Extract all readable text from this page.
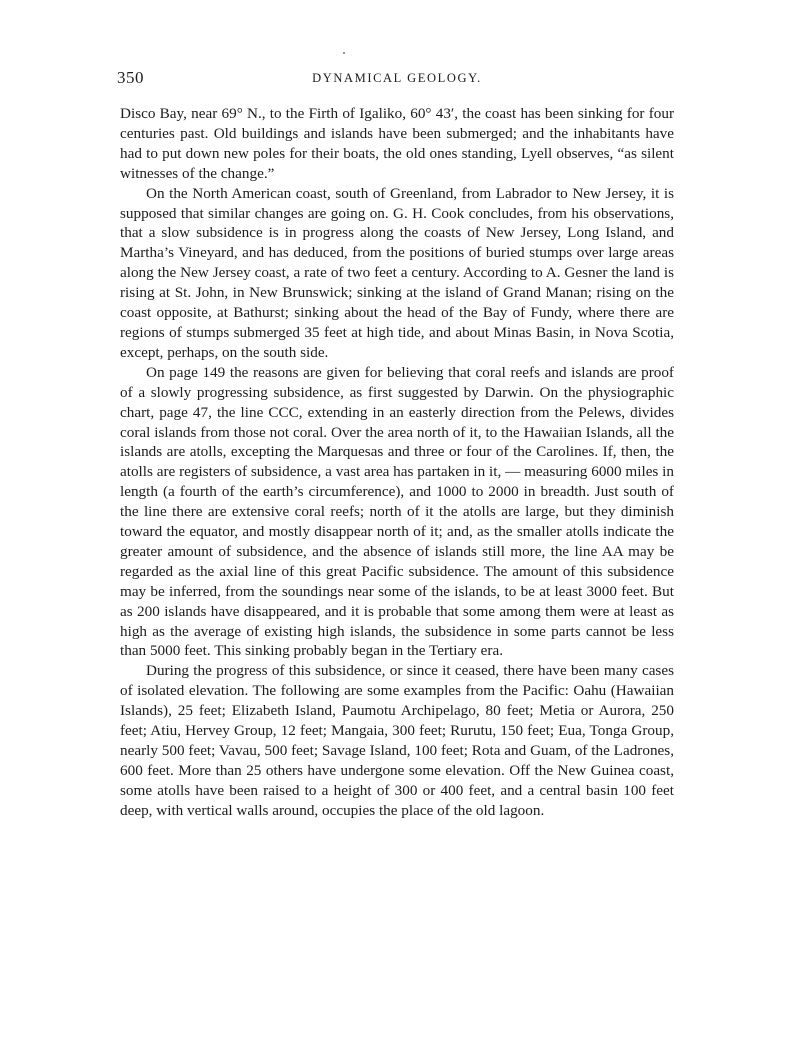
350	DYNAMICAL GEOLOGY.

Disco Bay, near 69° N., to the Firth of Igaliko, 60° 43′, the coast has been sinking for four centuries past. Old buildings and islands have been submerged; and the inhabitants have had to put down new poles for their boats, the old ones standing, Lyell observes, “as silent witnesses of the change.”

On the North American coast, south of Greenland, from Labrador to New Jersey, it is supposed that similar changes are going on. G. H. Cook concludes, from his observations, that a slow subsidence is in progress along the coasts of New Jersey, Long Island, and Martha’s Vineyard, and has deduced, from the positions of buried stumps over large areas along the New Jersey coast, a rate of two feet a century. According to A. Gesner the land is rising at St. John, in New Brunswick; sinking at the island of Grand Manan; rising on the coast opposite, at Bathurst; sinking about the head of the Bay of Fundy, where there are regions of stumps submerged 35 feet at high tide, and about Minas Basin, in Nova Scotia, except, perhaps, on the south side.

On page 149 the reasons are given for believing that coral reefs and islands are proof of a slowly progressing subsidence, as first suggested by Darwin. On the physiographic chart, page 47, the line CCC, extending in an easterly direction from the Pelews, divides coral islands from those not coral. Over the area north of it, to the Hawaiian Islands, all the islands are atolls, excepting the Marquesas and three or four of the Carolines. If, then, the atolls are registers of subsidence, a vast area has partaken in it, — measuring 6000 miles in length (a fourth of the earth’s circumference), and 1000 to 2000 in breadth. Just south of the line there are extensive coral reefs; north of it the atolls are large, but they diminish toward the equator, and mostly disappear north of it; and, as the smaller atolls indicate the greater amount of subsidence, and the absence of islands still more, the line AA may be regarded as the axial line of this great Pacific subsidence. The amount of this subsidence may be inferred, from the soundings near some of the islands, to be at least 3000 feet. But as 200 islands have disappeared, and it is probable that some among them were at least as high as the average of existing high islands, the subsidence in some parts cannot be less than 5000 feet. This sinking probably began in the Tertiary era.

During the progress of this subsidence, or since it ceased, there have been many cases of isolated elevation. The following are some examples from the Pacific: Oahu (Hawaiian Islands), 25 feet; Elizabeth Island, Paumotu Archipelago, 80 feet; Metia or Aurora, 250 feet; Atiu, Hervey Group, 12 feet; Mangaia, 300 feet; Rurutu, 150 feet; Eua, Tonga Group, nearly 500 feet; Vavau, 500 feet; Savage Island, 100 feet; Rota and Guam, of the Ladrones, 600 feet. More than 25 others have undergone some elevation. Off the New Guinea coast, some atolls have been raised to a height of 300 or 400 feet, and a central basin 100 feet deep, with vertical walls around, occupies the place of the old lagoon.
